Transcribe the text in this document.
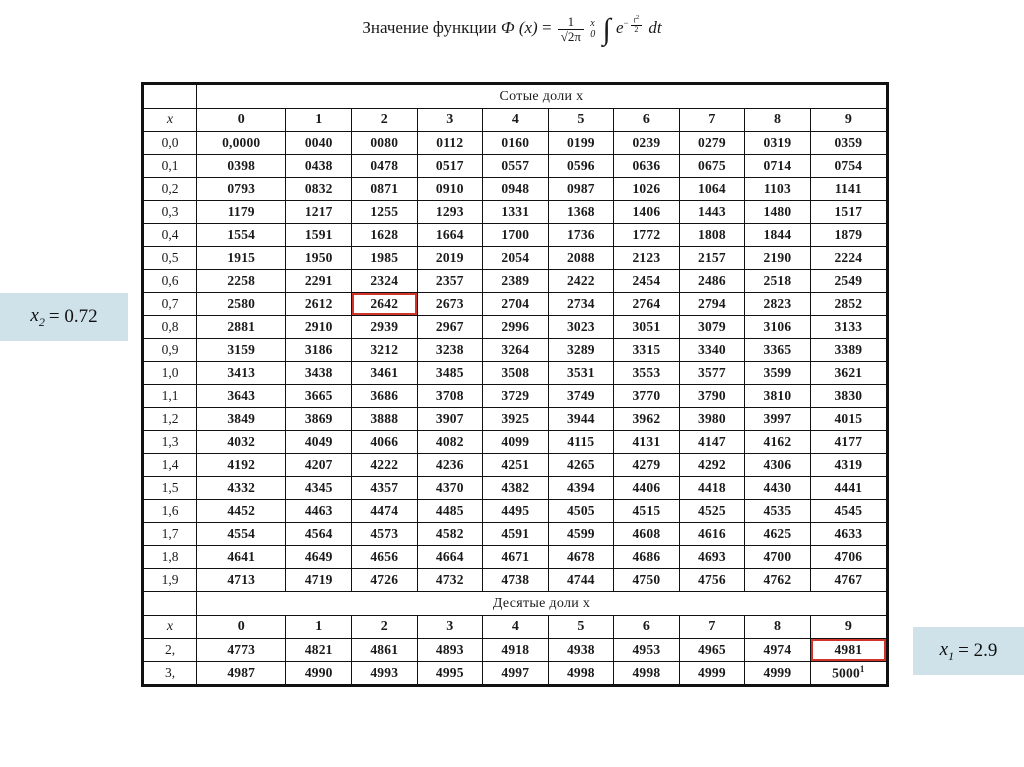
Значение функции Ф $(x) = \frac{1}{√2\pi}$
x
0 ∫ $e^{- \frac{t^2}{2}}$ dt
	Сотые доли x									
x	0	1	2	3	4	5	6	7	8	9
0,0	0,0000	0040	0080	0112	0160	0199	0239	0279	0319	0359
0,1	0398	0438	0478	0517	0557	0596	0636	0675	0714	0754
0,2	0793	0832	0871	0910	0948	0987	1026	1064	1103	1141
0,3	1179	1217	1255	1293	1331	1368	1406	1443	1480	1517
0,4	1554	1591	1628	1664	1700	1736	1772	1808	1844	1879
0,5	1915	1950	1985	2019	2054	2088	2123	2157	2190	2224
0,6	2258	2291	2324	2357	2389	2422	2454	2486	2518	2549
0,7	2580	2612	2642	2673	2704	2734	2764	2794	2823	2852
0,8	2881	2910	2939	2967	2996	3023	3051	3079	3106	3133
0,9	3159	3186	3212	3238	3264	3289	3315	3340	3365	3389
1,0	3413	3438	3461	3485	3508	3531	3553	3577	3599	3621
1,1	3643	3665	3686	3708	3729	3749	3770	3790	3810	3830
1,2	3849	3869	3888	3907	3925	3944	3962	3980	3997	4015
1,3	4032	4049	4066	4082	4099	4115	4131	4147	4162	4177
1,4	4192	4207	4222	4236	4251	4265	4279	4292	4306	4319
1,5	4332	4345	4357	4370	4382	4394	4406	4418	4430	4441
1,6	4452	4463	4474	4485	4495	4505	4515	4525	4535	4545
1,7	4554	4564	4573	4582	4591	4599	4608	4616	4625	4633
1,8	4641	4649	4656	4664	4671	4678	4686	4693	4700	4706
1,9	4713	4719	4726	4732	4738	4744	4750	4756	4762	4767
	Десятые доли x									
x	0	1	2	3	4	5	6	7	8	9
2,	4773	4821	4861	4893	4918	4938	4953	4965	4974	4981
3,	4987	4990	4993	4995	4997	4998	4998	4999	4999	5000$^1$
$x_2 = 0.72$
$x_1 = 2.9$
